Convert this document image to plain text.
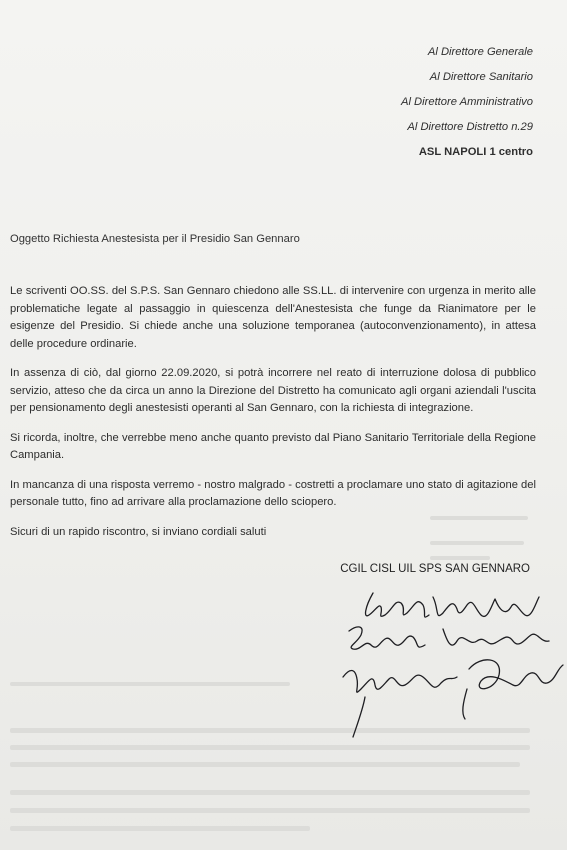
Al Direttore Generale
Al Direttore Sanitario
Al Direttore Amministrativo
Al Direttore Distretto n.29
ASL NAPOLI 1 centro
Oggetto Richiesta Anestesista per il Presidio San Gennaro

Le scriventi OO.SS. del S.P.S. San Gennaro chiedono alle SS.LL. di intervenire con urgenza in merito alle problematiche legate al passaggio in quiescenza dell'Anestesista che funge da Rianimatore per le esigenze del Presidio. Si chiede anche una soluzione temporanea (autoconvenzionamento), in attesa delle procedure ordinarie.

In assenza di ciò, dal giorno 22.09.2020, si potrà incorrere nel reato di interruzione dolosa di pubblico servizio, atteso che da circa un anno la Direzione del Distretto ha comunicato agli organi aziendali l'uscita per pensionamento degli anestesisti operanti al San Gennaro, con la richiesta di integrazione.

Si ricorda, inoltre, che verrebbe meno anche quanto previsto dal Piano Sanitario Territoriale della Regione Campania.

In mancanza di una risposta verremo - nostro malgrado - costretti a proclamare uno stato di agitazione del personale tutto, fino ad arrivare alla proclamazione dello sciopero.

Sicuri di un rapido riscontro, si inviano cordiali saluti

CGIL CISL UIL SPS SAN GENNARO
